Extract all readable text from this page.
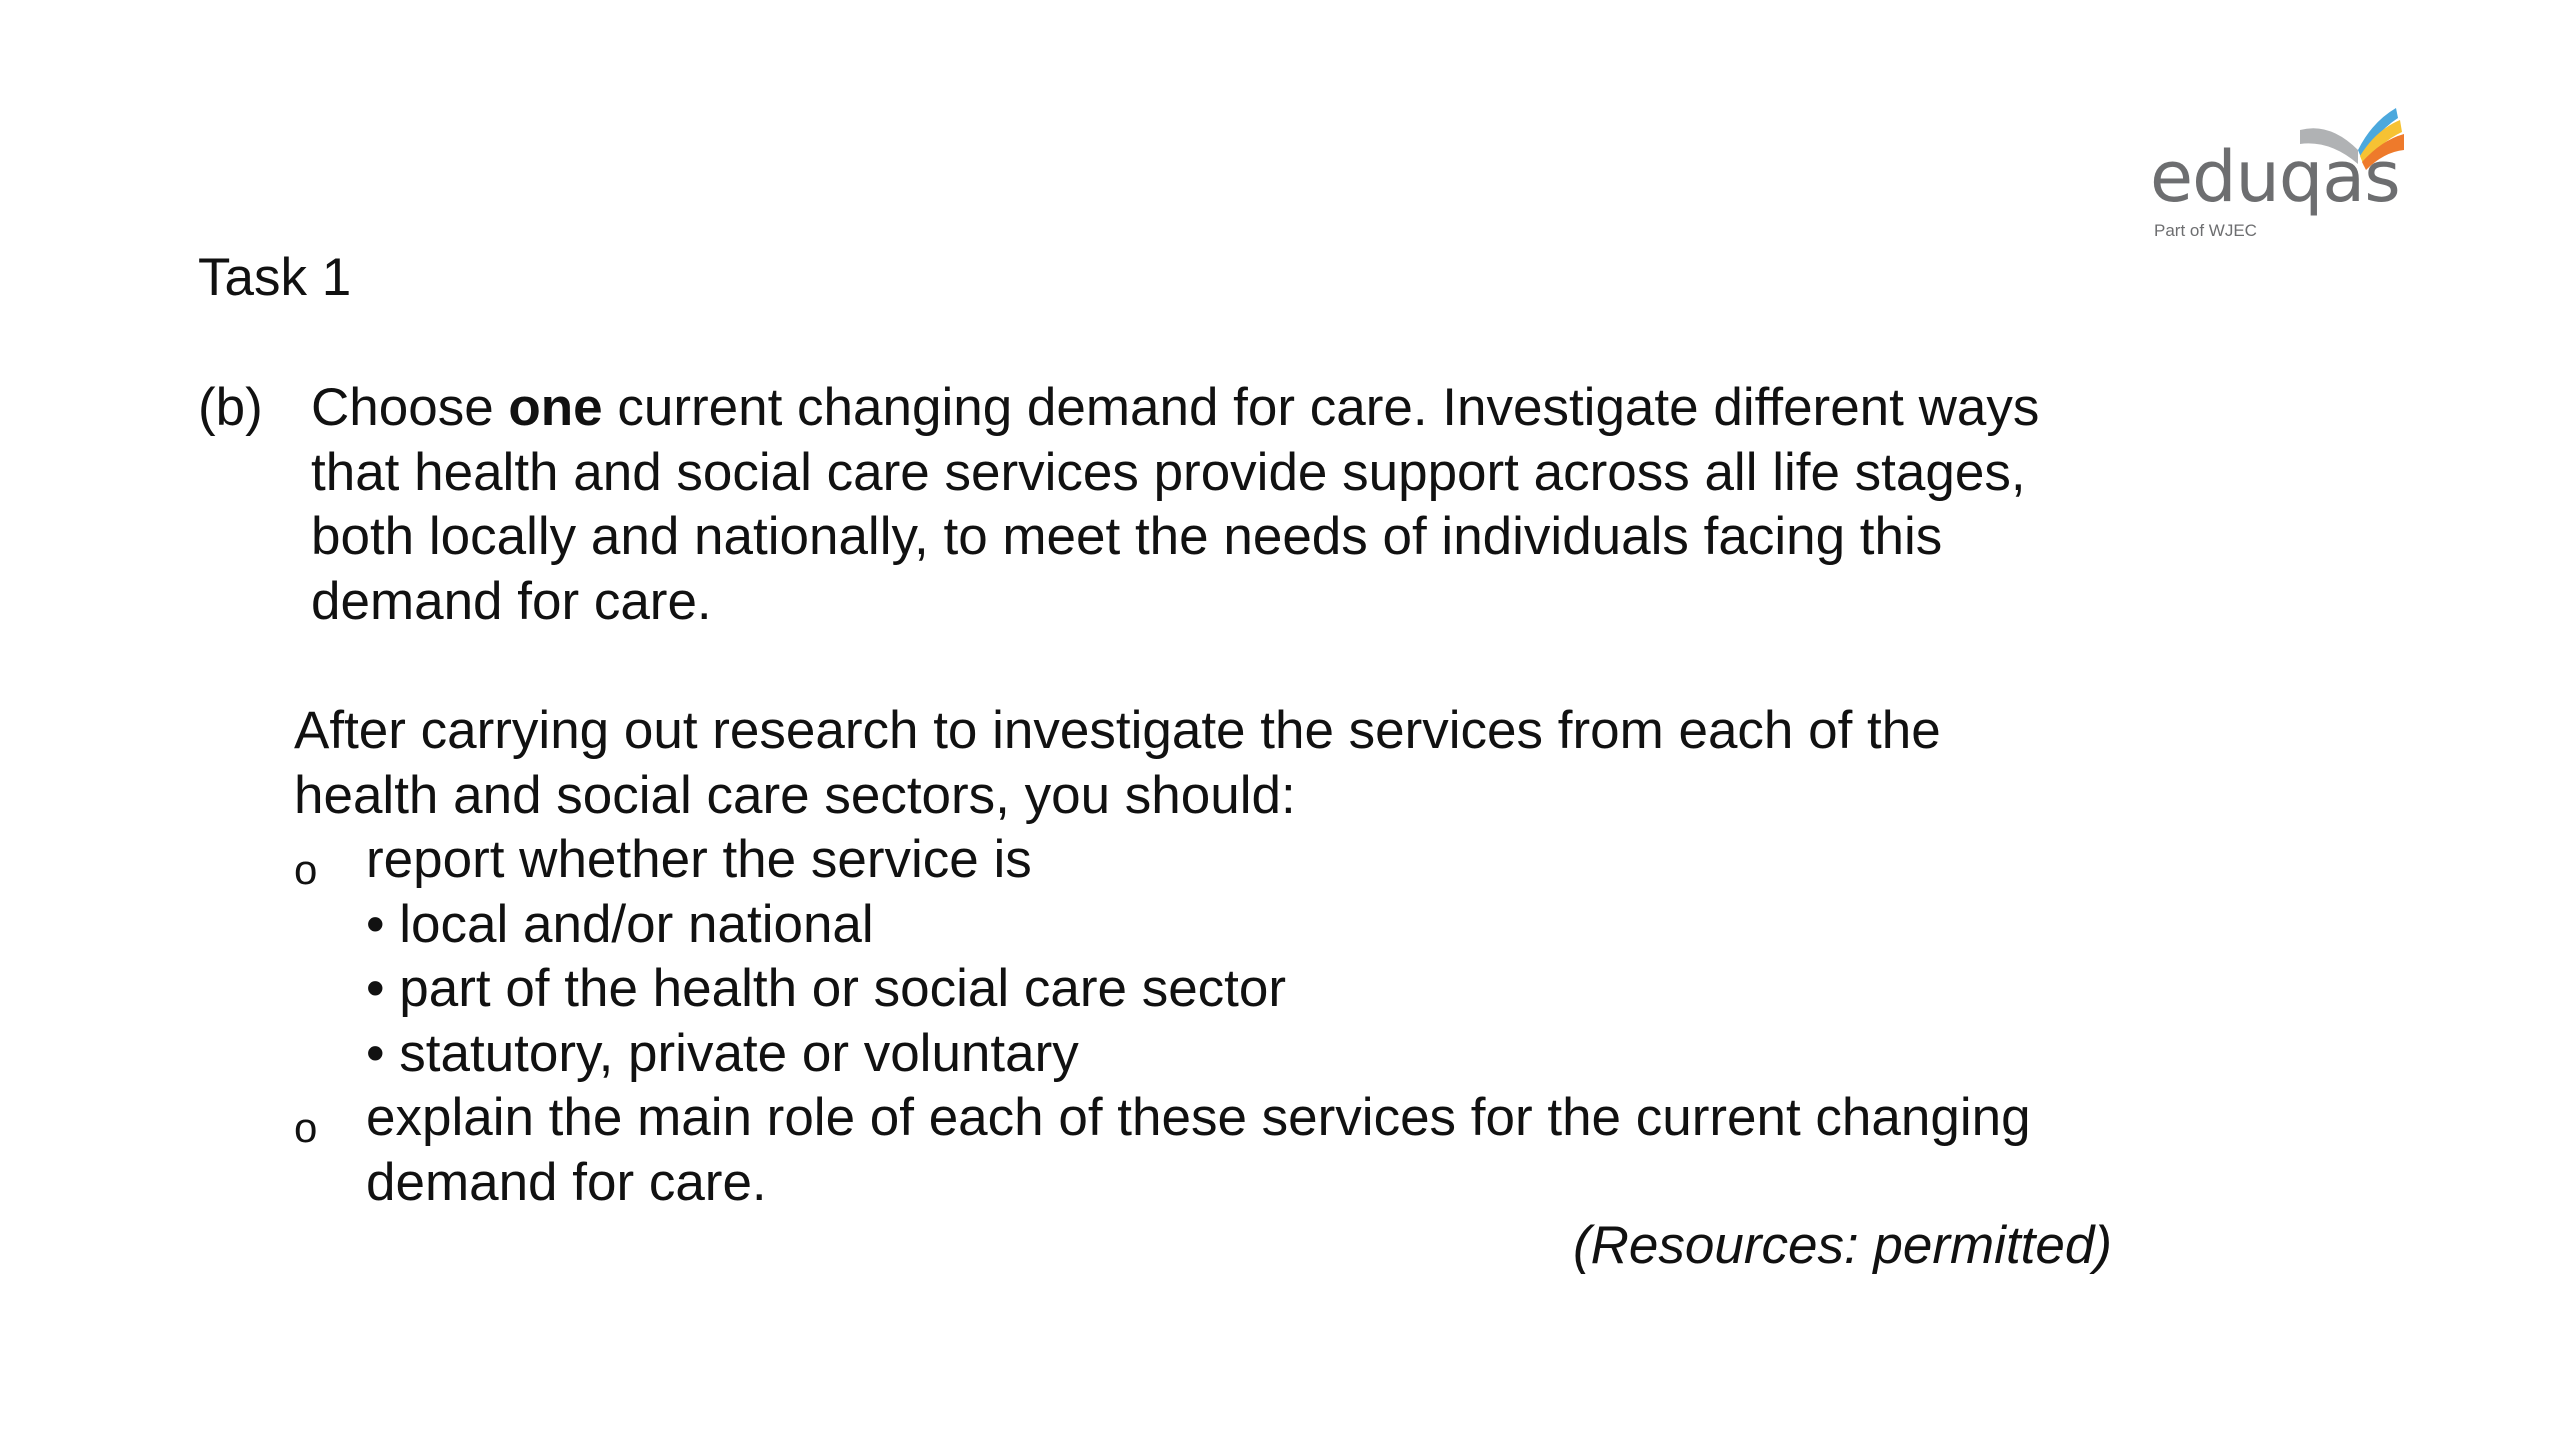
eduqas
Part of WJEC
Task 1
(b) Choose one current changing demand for care. Investigate different ways that health and social care services provide support across all life stages, both locally and nationally, to meet the needs of individuals facing this demand for care.
After carrying out research to investigate the services from each of the health and social care sectors, you should:
o report whether the service is
• local and/or national
• part of the health or social care sector
• statutory, private or voluntary
o explain the main role of each of these services for the current changing demand for care.
(Resources: permitted)
